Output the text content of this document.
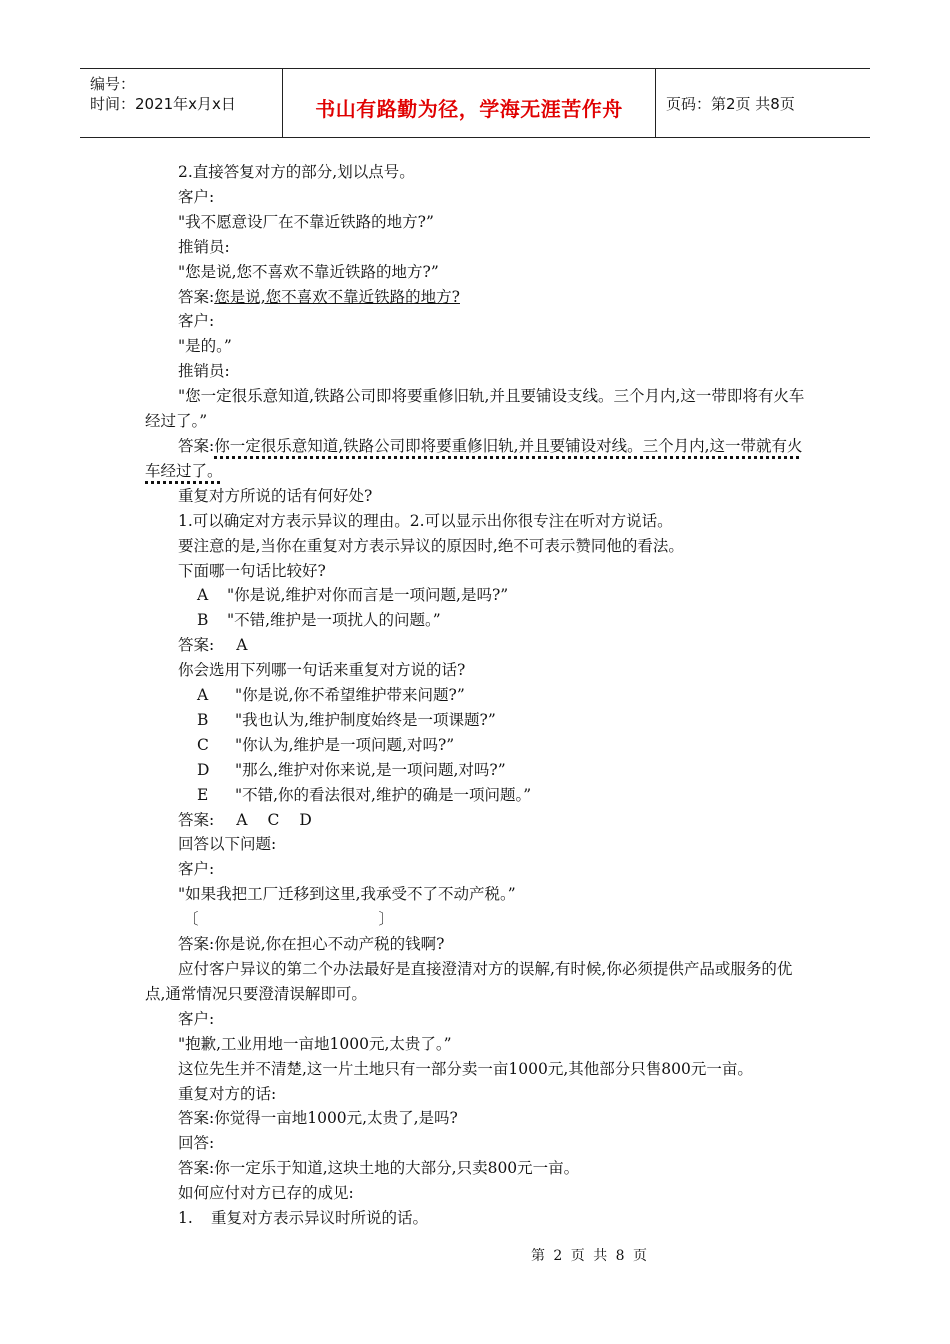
编号：
时间：2021年x月x日	书山有路勤为径，学海无涯苦作舟	页码：第2页 共8页
2.直接答复对方的部分,划以点号。
客户:
"我不愿意设厂在不靠近铁路的地方?”
推销员:
"您是说,您不喜欢不靠近铁路的地方?”
答案:您是说,您不喜欢不靠近铁路的地方?
客户:
"是的。”
推销员:
"您一定很乐意知道,铁路公司即将要重修旧轨,并且要铺设支线。三个月内,这一带即将有火车经过了。”
答案:你一定很乐意知道,铁路公司即将要重修旧轨,并且要铺设对线。三个月内,这一带就有火车经过了。
重复对方所说的话有何好处?
1.可以确定对方表示异议的理由。2.可以显示出你很专注在听对方说话。
要注意的是,当你在重复对方表示异议的原因时,绝不可表示赞同他的看法。
下面哪一句话比较好?
A "你是说,维护对你而言是一项问题,是吗?”
B "不错,维护是一项扰人的问题。”
答案: A
你会选用下列哪一句话来重复对方说的话?
A "你是说,你不希望维护带来问题?”
B "我也认为,维护制度始终是一项课题?”
C "你认为,维护是一项问题,对吗?”
D "那么,维护对你来说,是一项问题,对吗?”
E "不错,你的看法很对,维护的确是一项问题。”
答案: A C D
回答以下问题:
客户:
"如果我把工厂迁移到这里,我承受不了不动产税。”
〔	〕
答案:你是说,你在担心不动产税的钱啊?
应付客户异议的第二个办法最好是直接澄清对方的误解,有时候,你必须提供产品或服务的优点,通常情况只要澄清误解即可。
客户:
"抱歉,工业用地一亩地1000元,太贵了。”
这位先生并不清楚,这一片土地只有一部分卖一亩1000元,其他部分只售800元一亩。
重复对方的话:
答案:你觉得一亩地1000元,太贵了,是吗?
回答:
答案:你一定乐于知道,这块土地的大部分,只卖800元一亩。
如何应付对方已存的成见:
1. 重复对方表示异议时所说的话。
第 2 页 共 8 页
